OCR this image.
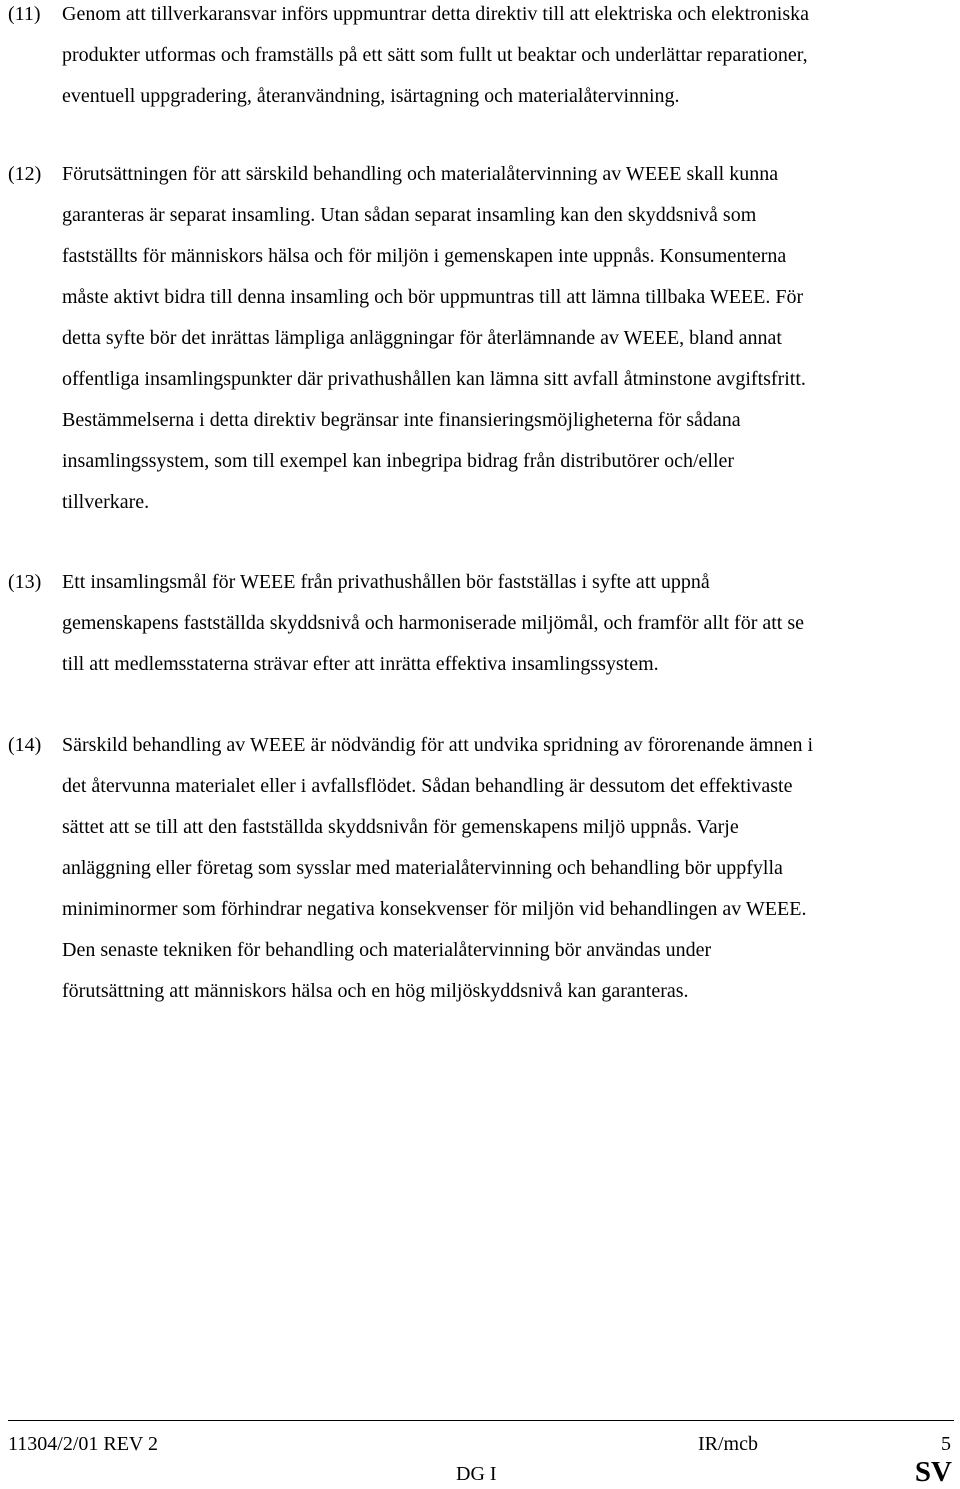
(11) Genom att tillverkaransvar införs uppmuntrar detta direktiv till att elektriska och elektroniska
produkter utformas och framställs på ett sätt som fullt ut beaktar och underlättar reparationer,
eventuell uppgradering, återanvändning, isärtagning och materialåtervinning.
(12) Förutsättningen för att särskild behandling och materialåtervinning av WEEE skall kunna
garanteras är separat insamling. Utan sådan separat insamling kan den skyddsnivå som
fastställts för människors hälsa och för miljön i gemenskapen inte uppnås. Konsumenterna
måste aktivt bidra till denna insamling och bör uppmuntras till att lämna tillbaka WEEE. För
detta syfte bör det inrättas lämpliga anläggningar för återlämnande av WEEE, bland annat
offentliga insamlingspunkter där privathushållen kan lämna sitt avfall åtminstone avgiftsfritt.
Bestämmelserna i detta direktiv begränsar inte finansieringsmöjligheterna för sådana
insamlingssystem, som till exempel kan inbegripa bidrag från distributörer och/eller
tillverkare.
(13) Ett insamlingsmål för WEEE från privathushållen bör fastställas i syfte att uppnå
gemenskapens fastställda skyddsnivå och harmoniserade miljömål, och framför allt för att se
till att medlemsstaterna strävar efter att inrätta effektiva insamlingssystem.
(14) Särskild behandling av WEEE är nödvändig för att undvika spridning av förorenande ämnen i
det återvunna materialet eller i avfallsflödet. Sådan behandling är dessutom det effektivaste
sättet att se till att den fastställda skyddsnivån för gemenskapens miljö uppnås. Varje
anläggning eller företag som sysslar med materialåtervinning och behandling bör uppfylla
miniminormer som förhindrar negativa konsekvenser för miljön vid behandlingen av WEEE.
Den senaste tekniken för behandling och materialåtervinning bör användas under
förutsättning att människors hälsa och en hög miljöskyddsnivå kan garanteras.
11304/2/01 REV 2	IR/mcb	5
DG I	SV
